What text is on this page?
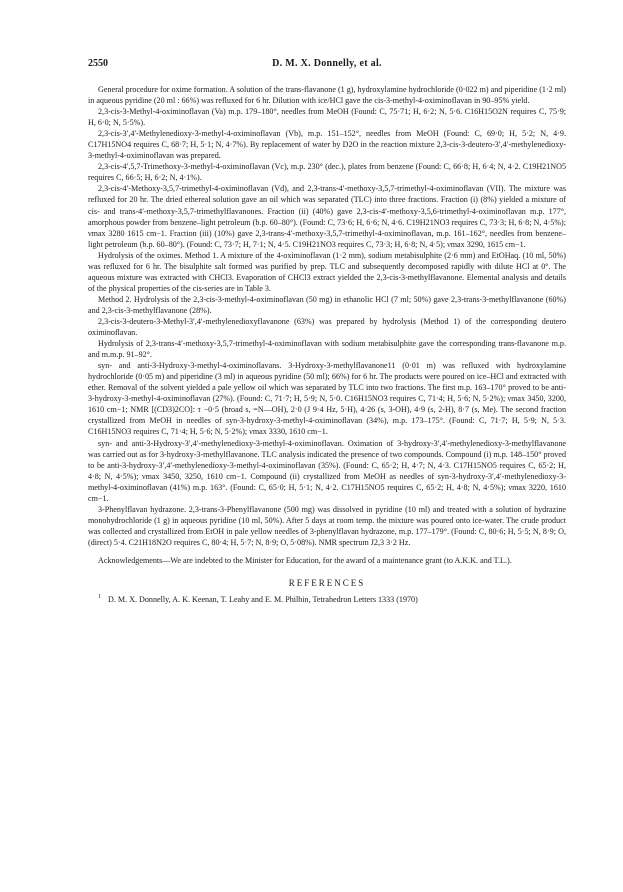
2550	D. M. X. Donnelly, et al.

General procedure for oxime formation. A solution of the trans-flavanone (1 g), hydroxylamine hydrochloride (0·022 m) and piperidine (1·2 ml) in aqueous pyridine (20 ml : 66%) was refluxed for 6 hr. Dilution with ice/HCl gave the cis-3-methyl-4-oximinoflavan in 90–95% yield.

2,3-cis-3-Methyl-4-oximinoflavan (Va) m.p. 179–180°, needles from MeOH (Found: C, 75·71; H, 6·2; N, 5·6. C16H15O2N requires C, 75·9; H, 6·0; N, 5·5%).

2,3-cis-3′,4′-Methylenedioxy-3-methyl-4-oximinoflavan (Vb), m.p. 151–152°, needles from MeOH (Found: C, 69·0; H, 5·2; N, 4·9. C17H15NO4 requires C, 68·7; H, 5·1; N, 4·7%). By replacement of water by D2O in the reaction mixture 2,3-cis-3-deutero-3′,4′-methylenedioxy-3-methyl-4-oximinoflavan was prepared.

2,3-cis-4′,5,7-Trimethoxy-3-methyl-4-oximinoflavan (Vc), m.p. 230° (dec.), plates from benzene (Found: C, 66·8; H, 6·4; N, 4·2. C19H21NO5 requires C, 66·5; H, 6·2; N, 4·1%).

2,3-cis-4′-Methoxy-3,5,7-trimethyl-4-oximinoflavan (Vd), and 2,3-trans-4′-methoxy-3,5,7-trimethyl-4-oximinoflavan (VII). The mixture was refluxed for 20 hr. The dried ethereal solution gave an oil which was separated (TLC) into three fractions. Fraction (i) (8%) yielded a mixture of cis- and trans-4′-methoxy-3,5,7-trimethylflavanones. Fraction (ii) (40%) gave 2,3-cis-4′-methoxy-3,5,6-trimethyl-4-oximinoflavan m.p. 177°, amorphous powder from benzene–light petroleum (b.p. 60–80°). (Found: C, 73·6; H, 6·6; N, 4·6. C19H21NO3 requires C, 73·3; H, 6·8; N, 4·5%); νmax 3280 1615 cm−1. Fraction (iii) (10%) gave 2,3-trans-4′-methoxy-3,5,7-trimethyl-4-oximinoflavan, m.p. 161–162°, needles from benzene–light petroleum (b.p. 60–80°). (Found: C, 73·7; H, 7·1; N, 4·5. C19H21NO3 requires C, 73·3; H, 6·8; N, 4·5); νmax 3290, 1615 cm−1.

Hydrolysis of the oximes. Method 1. A mixture of the 4-oximinoflavan (1·2 mm), sodium metabisulphite (2·6 mm) and EtOHaq. (10 ml, 50%) was refluxed for 6 hr. The bisulphite salt formed was purified by prep. TLC and subsequently decomposed rapidly with dilute HCl at 0°. The aqueous mixture was extracted with CHCl3. Evaporation of CHCl3 extract yielded the 2,3-cis-3-methylflavanone. Elemental analysis and details of the physical properties of the cis-series are in Table 3.

Method 2. Hydrolysis of the 2,3-cis-3-methyl-4-oximinoflavan (50 mg) in ethanolic HCl (7 ml; 50%) gave 2,3-trans-3-methylflavanone (60%) and 2,3-cis-3-methylflavanone (28%).

2,3-cis-3-deutero-3-Methyl-3′,4′-methylenedioxyflavanone (63%) was prepared by hydrolysis (Method 1) of the corresponding deutero oximinoflavan.

Hydrolysis of 2,3-trans-4′-methoxy-3,5,7-trimethyl-4-oximinoflavan with sodium metabisulphite gave the corresponding trans-flavanone m.p. and m.m.p. 91–92°.

syn- and anti-3-Hydroxy-3-methyl-4-oximinoflavans. 3-Hydroxy-3-methylflavanone11 (0·01 m) was refluxed with hydroxylamine hydrochloride (0·05 m) and piperidine (3 ml) in aqueous pyridine (50 ml); 66%) for 6 hr. The products were poured on ice–HCl and extracted with ether. Removal of the solvent yielded a pale yellow oil which was separated by TLC into two fractions. The first m.p. 163–170° proved to be anti-3-hydroxy-3-methyl-4-oximinoflavan (27%). (Found: C, 71·7; H, 5·9; N, 5·0. C16H15NO3 requires C, 71·4; H, 5·6; N, 5·2%); νmax 3450, 3200, 1610 cm−1; NMR [(CD3)2CO]: τ −0·5 (broad s, =N—OH), 2·0 (J 9·4 Hz, 5·H), 4·26 (s, 3-OH), 4·9 (s, 2-H), 8·7 (s, Me). The second fraction crystallized from MeOH in needles of syn-3-hydroxy-3-methyl-4-oximinoflavan (34%), m.p. 173–175°. (Found: C, 71·7; H, 5·9; N, 5·3. C16H15NO3 requires C, 71·4; H, 5·6; N, 5·2%); νmax 3330, 1610 cm−1.

syn- and anti-3-Hydroxy-3′,4′-methylenedioxy-3-methyl-4-oximinoflavan. Oximation of 3-hydroxy-3′,4′-methylenedioxy-3-methylflavanone was carried out as for 3-hydroxy-3-methylflavanone. TLC analysis indicated the presence of two compounds. Compound (i) m.p. 148–150° proved to be anti-3-hydroxy-3′,4′-methylenedioxy-3-methyl-4-oximinoflavan (35%). (Found: C, 65·2; H, 4·7; N, 4·3. C17H15NO5 requires C, 65·2; H, 4·8; N, 4·5%); νmax 3450, 3250, 1610 cm−1. Compound (ii) crystallized from MeOH as needles of syn-3-hydroxy-3′,4′-methylenedioxy-3-methyl-4-oximinoflavan (41%) m.p. 163°. (Found: C, 65·0; H, 5·1; N, 4·2. C17H15NO5 requires C, 65·2; H, 4·8; N, 4·5%); νmax 3220, 1610 cm−1.

3-Phenylflavan hydrazone. 2,3-trans-3-Phenylflavanone (500 mg) was dissolved in pyridine (10 ml) and treated with a solution of hydrazine monohydrochloride (1 g) in aqueous pyridine (10 ml, 50%). After 5 days at room temp. the mixture was poured onto ice-water. The crude product was collected and crystallized from EtOH in pale yellow needles of 3-phenylflavan hydrazone, m.p. 177–179°. (Found: C, 80·6; H, 5·5; N, 8·9; O, (direct) 5·4. C21H18N2O requires C, 80·4; H, 5·7; N, 8·9; O, 5·08%). NMR spectrum J2,3 3·2 Hz.

Acknowledgements—We are indebted to the Minister for Education, for the award of a maintenance grant (to A.K.K. and T.L.).

REFERENCES

1 D. M. X. Donnelly, A. K. Keenan, T. Leahy and E. M. Philbin, Tetrahedron Letters 1333 (1970)
